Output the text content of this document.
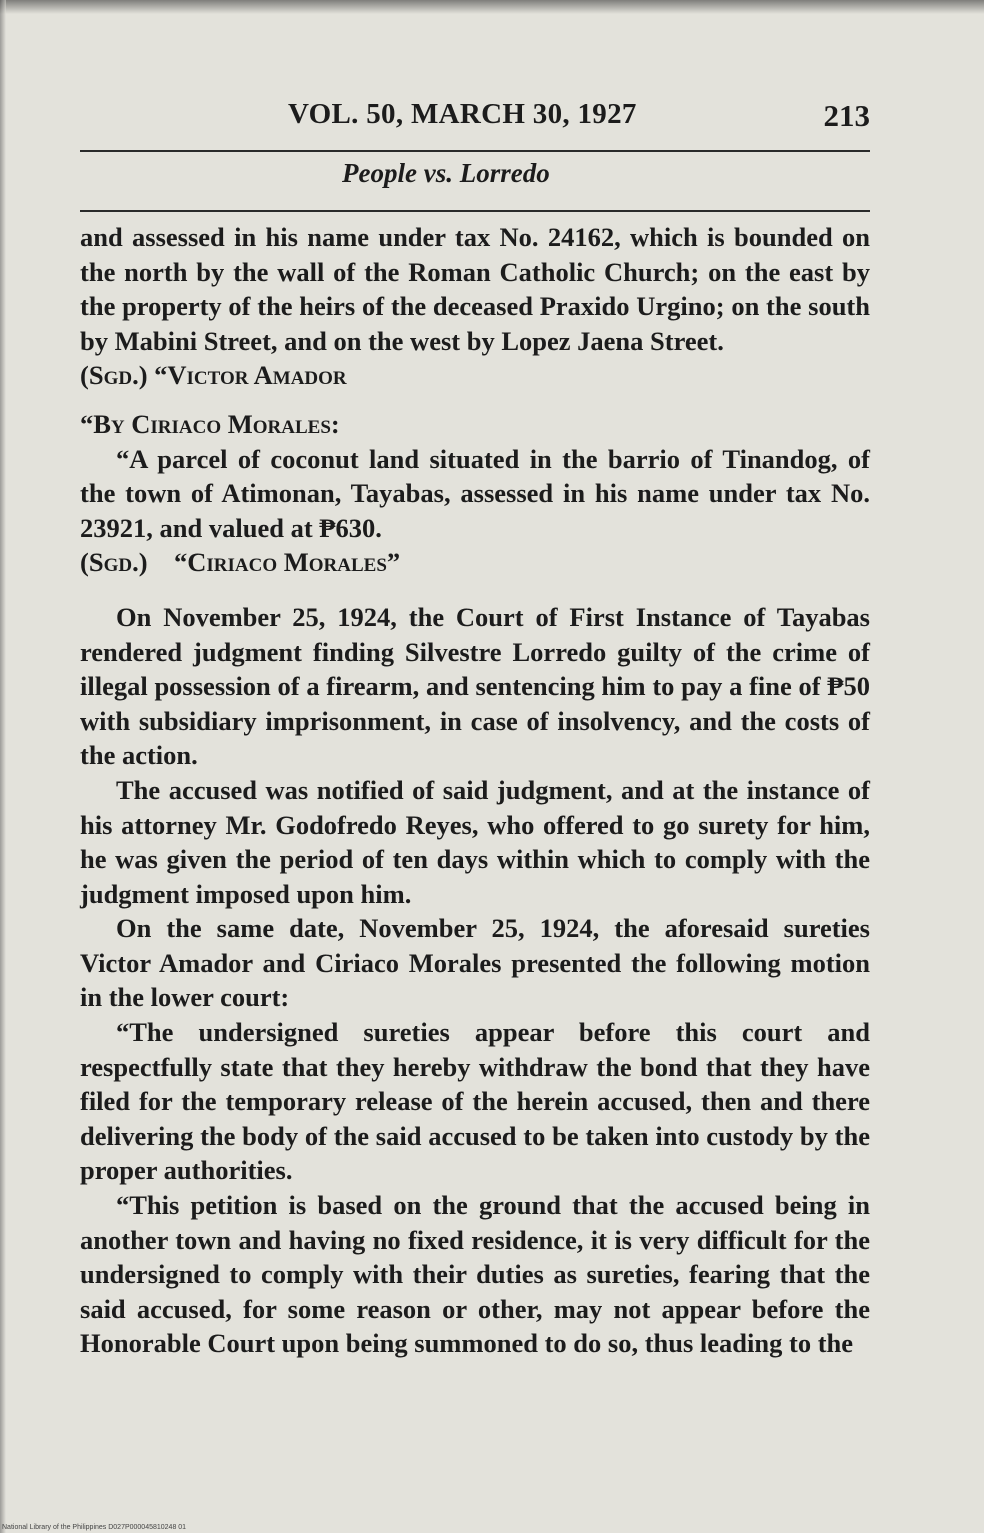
VOL. 50, MARCH 30, 1927	213
People vs. Lorredo

and assessed in his name under tax No. 24162, which is bounded on the north by the wall of the Roman Catholic Church; on the east by the property of the heirs of the deceased Praxido Urgino; on the south by Mabini Street, and on the west by Lopez Jaena Street.

(Sgd.) “Victor Amador

“By Ciriaco Morales:

“A parcel of coconut land situated in the barrio of Tinandog, of the town of Atimonan, Tayabas, assessed in his name under tax No. 23921, and valued at ₱630.

(Sgd.) “Ciriaco Morales”

On November 25, 1924, the Court of First Instance of Tayabas rendered judgment finding Silvestre Lorredo guilty of the crime of illegal possession of a firearm, and sentencing him to pay a fine of ₱50 with subsidiary imprisonment, in case of insolvency, and the costs of the action.

The accused was notified of said judgment, and at the instance of his attorney Mr. Godofredo Reyes, who offered to go surety for him, he was given the period of ten days within which to comply with the judgment imposed upon him.

On the same date, November 25, 1924, the aforesaid sureties Victor Amador and Ciriaco Morales presented the following motion in the lower court:

“The undersigned sureties appear before this court and respectfully state that they hereby withdraw the bond that they have filed for the temporary release of the herein accused, then and there delivering the body of the said accused to be taken into custody by the proper authorities.

“This petition is based on the ground that the accused being in another town and having no fixed residence, it is very difficult for the undersigned to comply with their duties as sureties, fearing that the said accused, for some reason or other, may not appear before the Honorable Court upon being summoned to do so, thus leading to the

National Library of the Philippines D027P000045810248 01
